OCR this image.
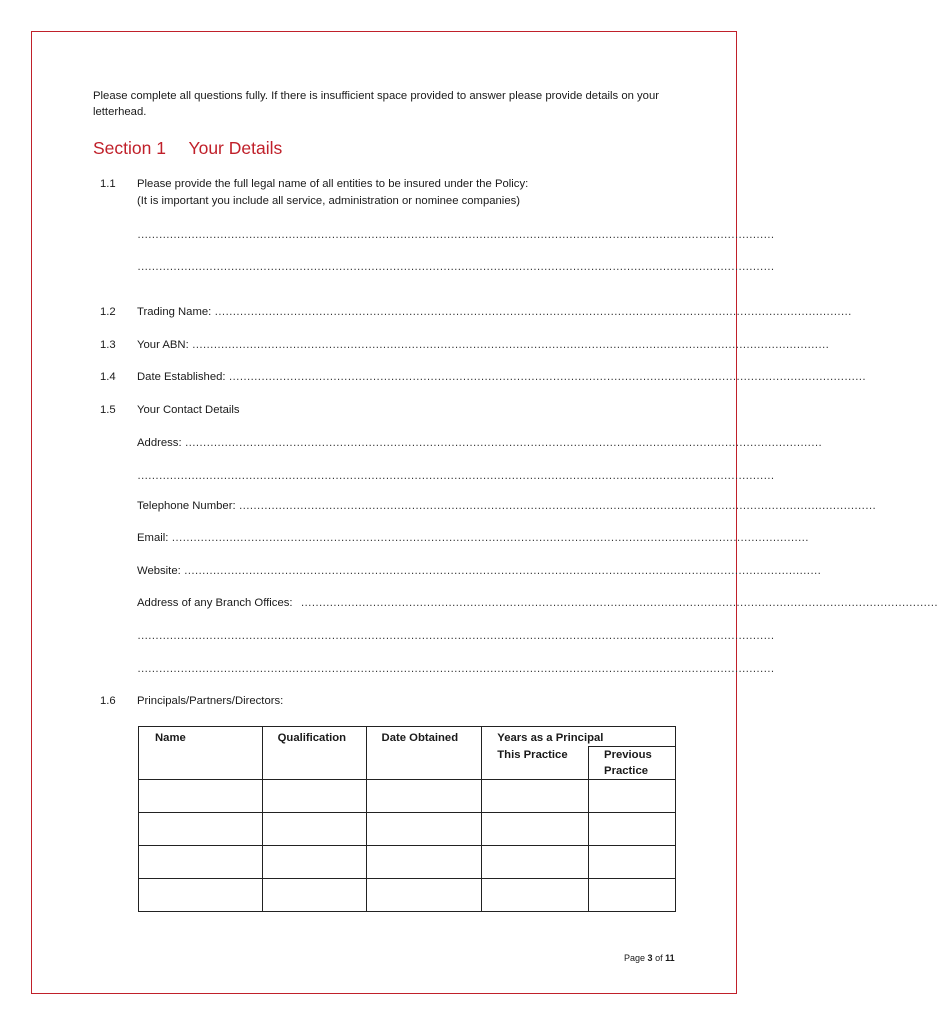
Please complete all questions fully. If there is insufficient space provided to answer please provide details on your letterhead.
Section 1 Your Details
1.1 Please provide the full legal name of all entities to be insured under the Policy:
(It is important you include all service, administration or nominee companies)
……………………………………………………………………………………………………………………………………………………………
……………………………………………………………………………………………………………………………………………………………
1.2 Trading Name: ……………………………………………………………………………………………………………………………………………………………
1.3 Your ABN: ……………………………………………………………………………………………………………………………………………………………
1.4 Date Established: ……………………………………………………………………………………………………………………………………………………………
1.5 Your Contact Details
Address: ……………………………………………………………………………………………………………………………………………………………
……………………………………………………………………………………………………………………………………………………………
Telephone Number: ……………………………………………………………………………………………………………………………………………………………
Email: ……………………………………………………………………………………………………………………………………………………………
Website: ……………………………………………………………………………………………………………………………………………………………
Address of any Branch Offices: ……………………………………………………………………………………………………………………………………………………………
……………………………………………………………………………………………………………………………………………………………
……………………………………………………………………………………………………………………………………………………………
1.6 Principals/Partners/Directors:
Name	Qualification	Date Obtained	Years as a Principal	
			This Practice	Previous Practice

Page 3 of 11
